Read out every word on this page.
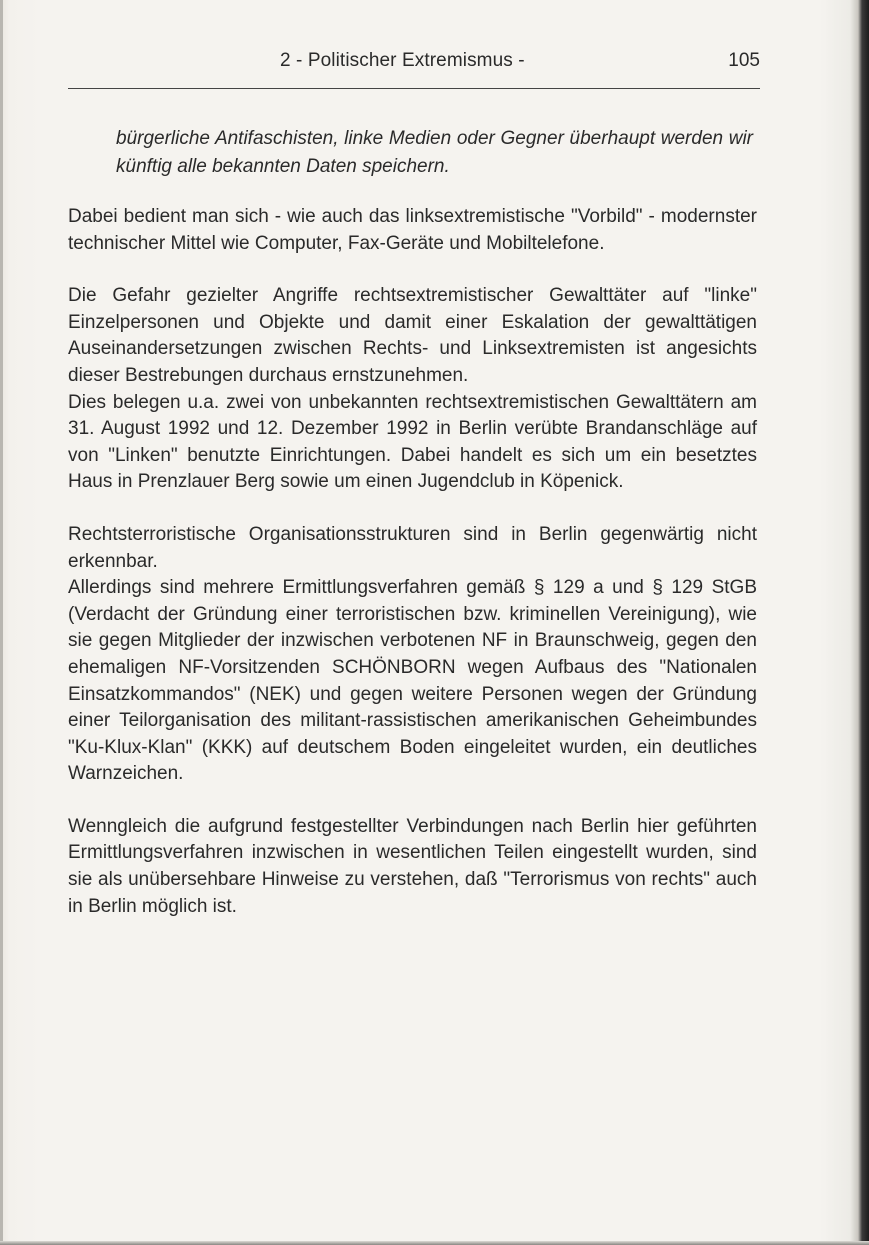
2 - Politischer Extremismus -	105

bürgerliche Antifaschisten, linke Medien oder Gegner überhaupt werden wir künftig alle bekannten Daten speichern.

Dabei bedient man sich - wie auch das linksextremistische "Vorbild" - modernster technischer Mittel wie Computer, Fax-Geräte und Mobiltelefone.

Die Gefahr gezielter Angriffe rechtsextremistischer Gewalttäter auf "linke" Einzelpersonen und Objekte und damit einer Eskalation der gewalttätigen Auseinandersetzungen zwischen Rechts- und Linksextremisten ist angesichts dieser Bestrebungen durchaus ernstzunehmen.

Dies belegen u.a. zwei von unbekannten rechtsextremistischen Gewalttätern am 31. August 1992 und 12. Dezember 1992 in Berlin verübte Brandanschläge auf von "Linken" benutzte Einrichtungen. Dabei handelt es sich um ein besetztes Haus in Prenzlauer Berg sowie um einen Jugendclub in Köpenick.

Rechtsterroristische Organisationsstrukturen sind in Berlin gegenwärtig nicht erkennbar.

Allerdings sind mehrere Ermittlungsverfahren gemäß § 129 a und § 129 StGB (Verdacht der Gründung einer terroristischen bzw. kriminellen Vereinigung), wie sie gegen Mitglieder der inzwischen verbotenen NF in Braunschweig, gegen den ehemaligen NF-Vorsitzenden SCHÖNBORN wegen Aufbaus des "Nationalen Einsatzkommandos" (NEK) und gegen weitere Personen wegen der Gründung einer Teilorganisation des militant-rassistischen amerikanischen Geheimbundes "Ku-Klux-Klan" (KKK) auf deutschem Boden eingeleitet wurden, ein deutliches Warnzeichen.

Wenngleich die aufgrund festgestellter Verbindungen nach Berlin hier geführten Ermittlungsverfahren inzwischen in wesentlichen Teilen eingestellt wurden, sind sie als unübersehbare Hinweise zu verstehen, daß "Terrorismus von rechts" auch in Berlin möglich ist.
